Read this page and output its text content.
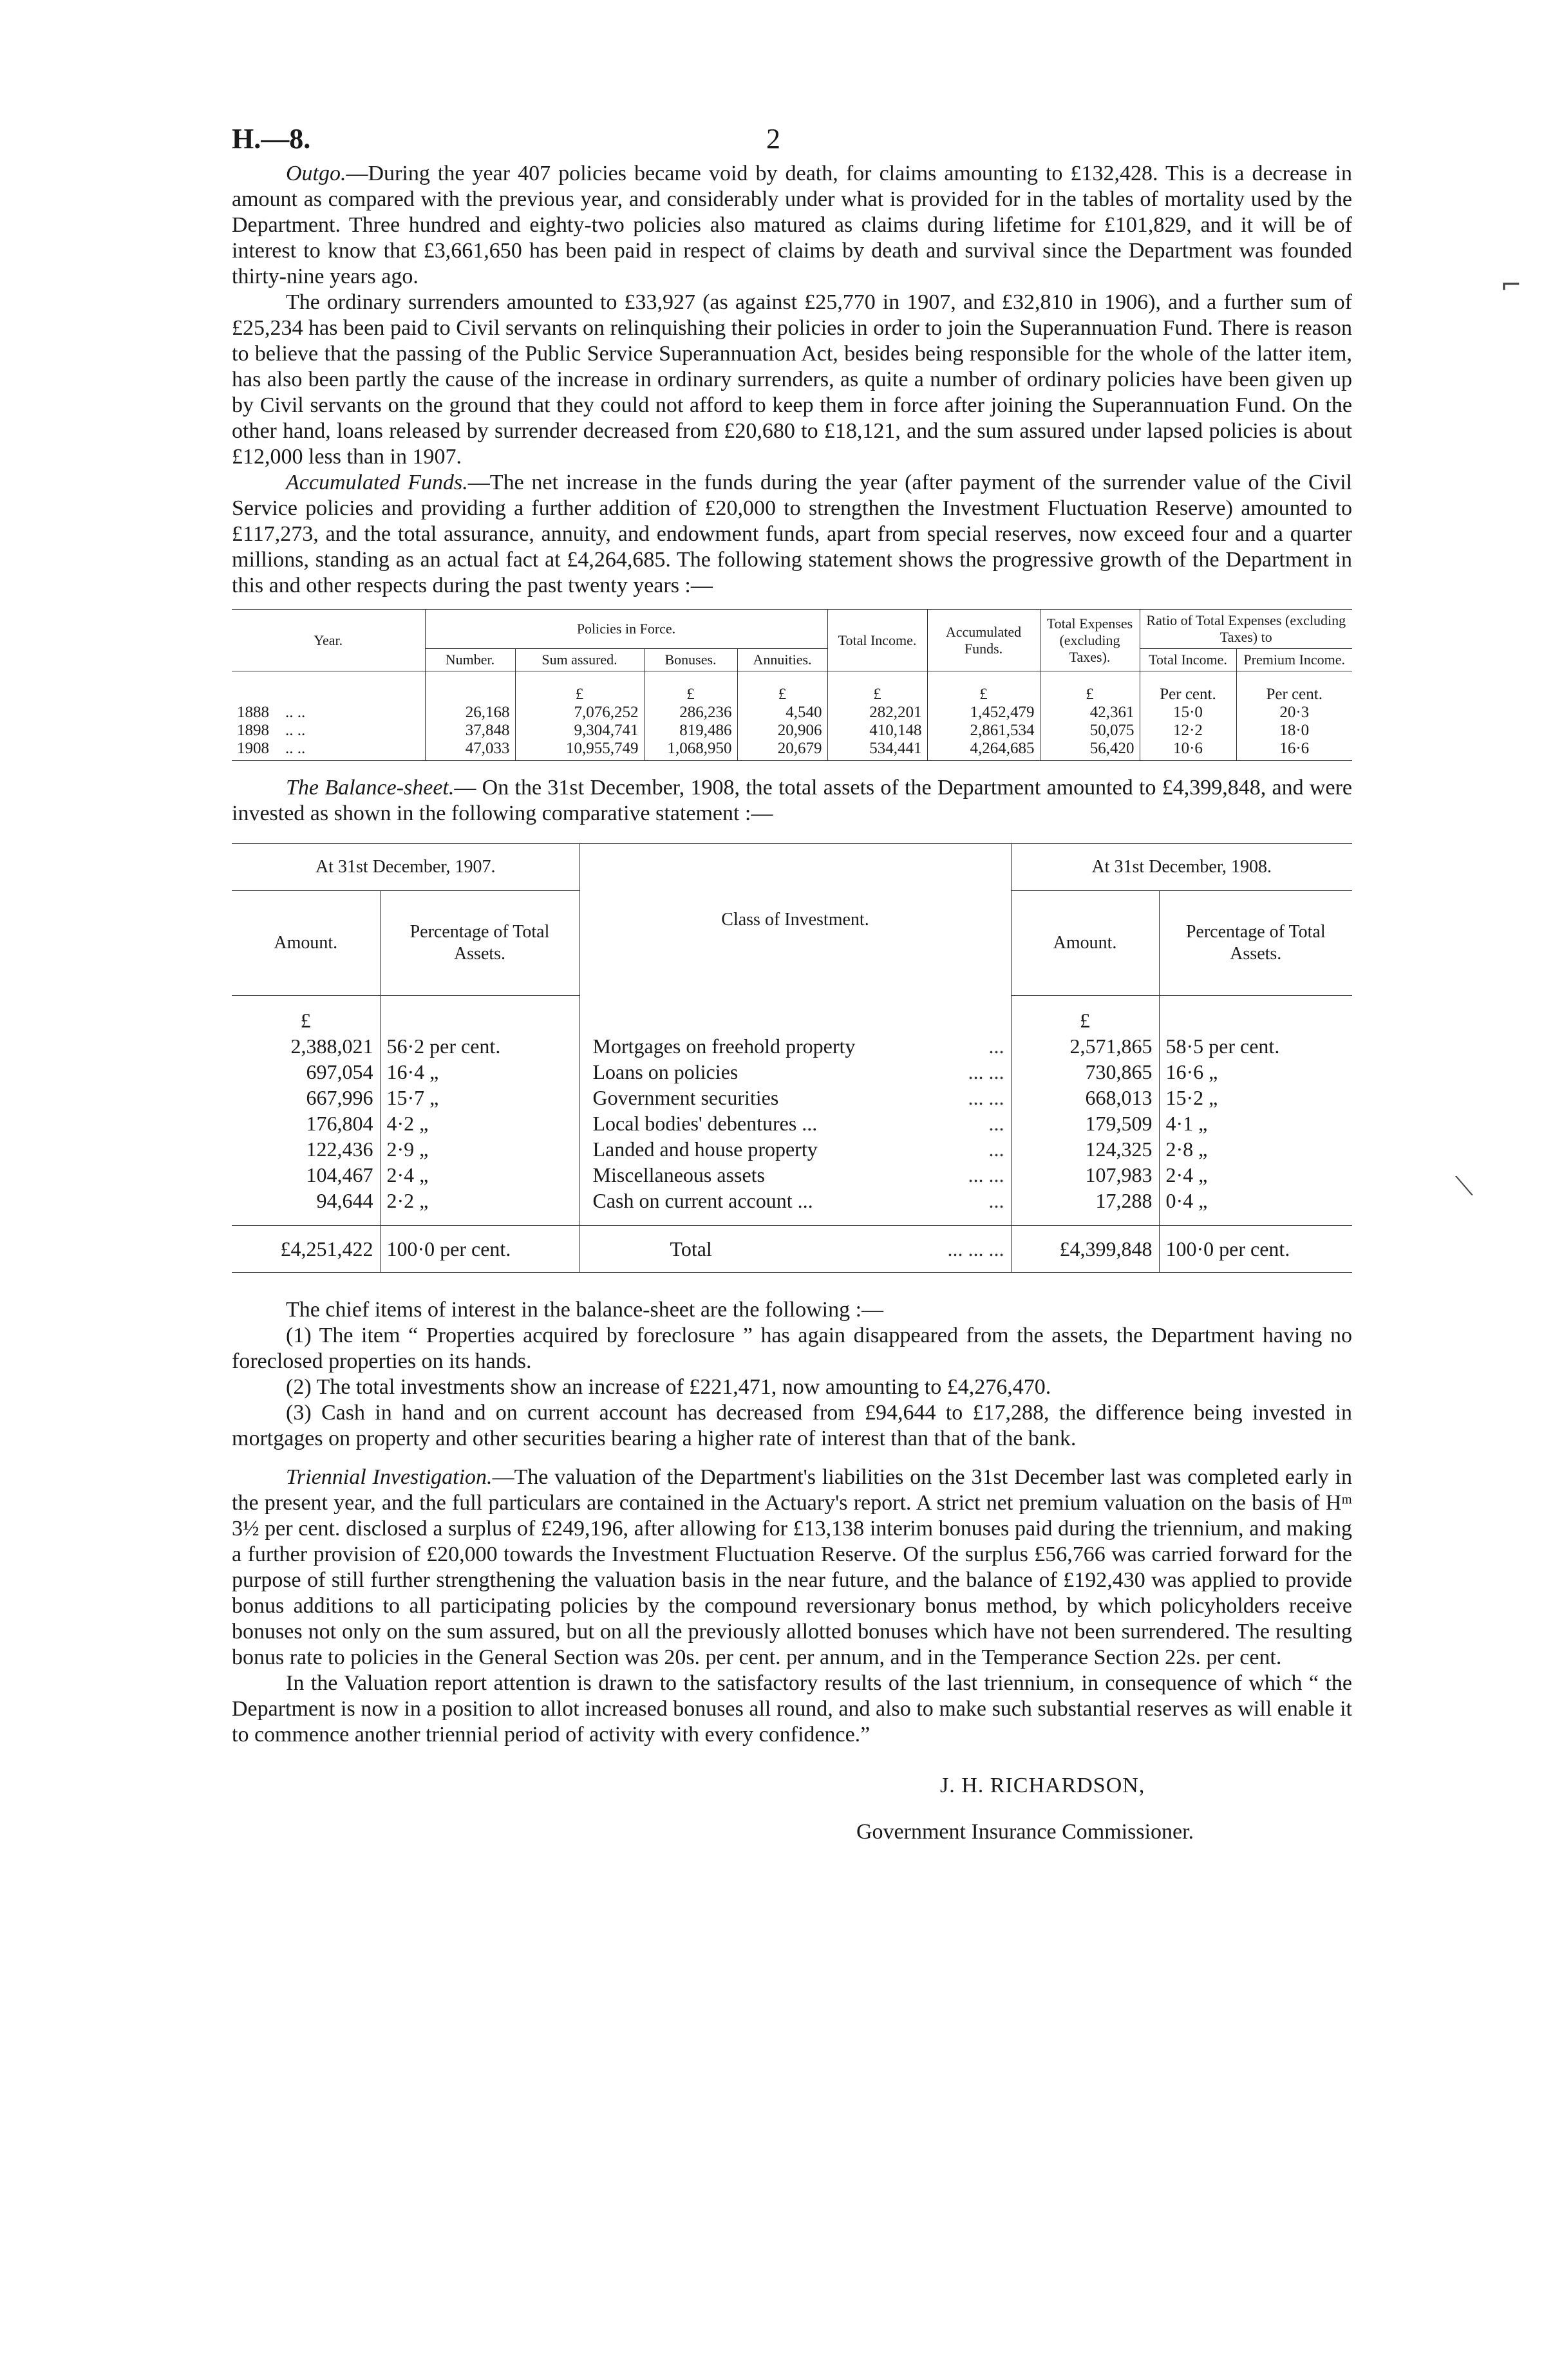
H.—8.	2

Outgo.—During the year 407 policies became void by death, for claims amounting to £132,428. This is a decrease in amount as compared with the previous year, and considerably under what is provided for in the tables of mortality used by the Department. Three hundred and eighty-two policies also matured as claims during lifetime for £101,829, and it will be of interest to know that £3,661,650 has been paid in respect of claims by death and survival since the Department was founded thirty-nine years ago.

The ordinary surrenders amounted to £33,927 (as against £25,770 in 1907, and £32,810 in 1906), and a further sum of £25,234 has been paid to Civil servants on relinquishing their policies in order to join the Superannuation Fund. There is reason to believe that the passing of the Public Service Superannuation Act, besides being responsible for the whole of the latter item, has also been partly the cause of the increase in ordinary surrenders, as quite a number of ordinary policies have been given up by Civil servants on the ground that they could not afford to keep them in force after joining the Superannuation Fund. On the other hand, loans released by surrender decreased from £20,680 to £18,121, and the sum assured under lapsed policies is about £12,000 less than in 1907.

Accumulated Funds.—The net increase in the funds during the year (after payment of the surrender value of the Civil Service policies and providing a further addition of £20,000 to strengthen the Investment Fluctuation Reserve) amounted to £117,273, and the total assurance, annuity, and endowment funds, apart from special reserves, now exceed four and a quarter millions, standing as an actual fact at £4,264,685. The following statement shows the progressive growth of the Department in this and other respects during the past twenty years :—

Year.	Policies in Force.				Total Income.	Accumulated Funds.	Total Expenses (excluding Taxes).	Ratio of Total Expenses (excluding Taxes) to	
	Number.	Sum assured.	Bonuses.	Annuities.				Total Income.	Premium Income.
		£	£	£	£	£	£	Per cent.	Per cent.
1888 .. ..	26,168	7,076,252	286,236	4,540	282,201	1,452,479	42,361	15·0	20·3
1898 .. ..	37,848	9,304,741	819,486	20,906	410,148	2,861,534	50,075	12·2	18·0
1908 .. ..	47,033	10,955,749	1,068,950	20,679	534,441	4,264,685	56,420	10·6	16·6

The Balance-sheet.— On the 31st December, 1908, the total assets of the Department amounted to £4,399,848, and were invested as shown in the following comparative statement :—

At 31st December, 1907.		Class of Investment.	At 31st December, 1908.	
Amount.	Percentage of Total Assets.		Amount.	Percentage of Total Assets.
£			£	
2,388,021	56·2 per cent.	Mortgages on freehold property ...	2,571,865	58·5 per cent.
697,054	16·4 „	Loans on policies ... ...	730,865	16·6 „
667,996	15·7 „	Government securities ... ...	668,013	15·2 „
176,804	4·2 „	Local bodies' debentures ... ...	179,509	4·1 „
122,436	2·9 „	Landed and house property ...	124,325	2·8 „
104,467	2·4 „	Miscellaneous assets ... ...	107,983	2·4 „
94,644	2·2 „	Cash on current account ... ...	17,288	0·4 „
£4,251,422	100·0 per cent.	Total ... ... ...	£4,399,848	100·0 per cent.

The chief items of interest in the balance-sheet are the following :—

(1) The item “ Properties acquired by foreclosure ” has again disappeared from the assets, the Department having no foreclosed properties on its hands.

(2) The total investments show an increase of £221,471, now amounting to £4,276,470.

(3) Cash in hand and on current account has decreased from £94,644 to £17,288, the difference being invested in mortgages on property and other securities bearing a higher rate of interest than that of the bank.

Triennial Investigation.—The valuation of the Department's liabilities on the 31st December last was completed early in the present year, and the full particulars are contained in the Actuary's report. A strict net premium valuation on the basis of Hᵐ 3½ per cent. disclosed a surplus of £249,196, after allowing for £13,138 interim bonuses paid during the triennium, and making a further provision of £20,000 towards the Investment Fluctuation Reserve. Of the surplus £56,766 was carried forward for the purpose of still further strengthening the valuation basis in the near future, and the balance of £192,430 was applied to provide bonus additions to all participating policies by the compound reversionary bonus method, by which policyholders receive bonuses not only on the sum assured, but on all the previously allotted bonuses which have not been surrendered. The resulting bonus rate to policies in the General Section was 20s. per cent. per annum, and in the Temperance Section 22s. per cent.

In the Valuation report attention is drawn to the satisfactory results of the last triennium, in consequence of which “ the Department is now in a position to allot increased bonuses all round, and also to make such substantial reserves as will enable it to commence another triennial period of activity with every confidence.”

J. H. RICHARDSON,
Government Insurance Commissioner.
⌐
⟍
